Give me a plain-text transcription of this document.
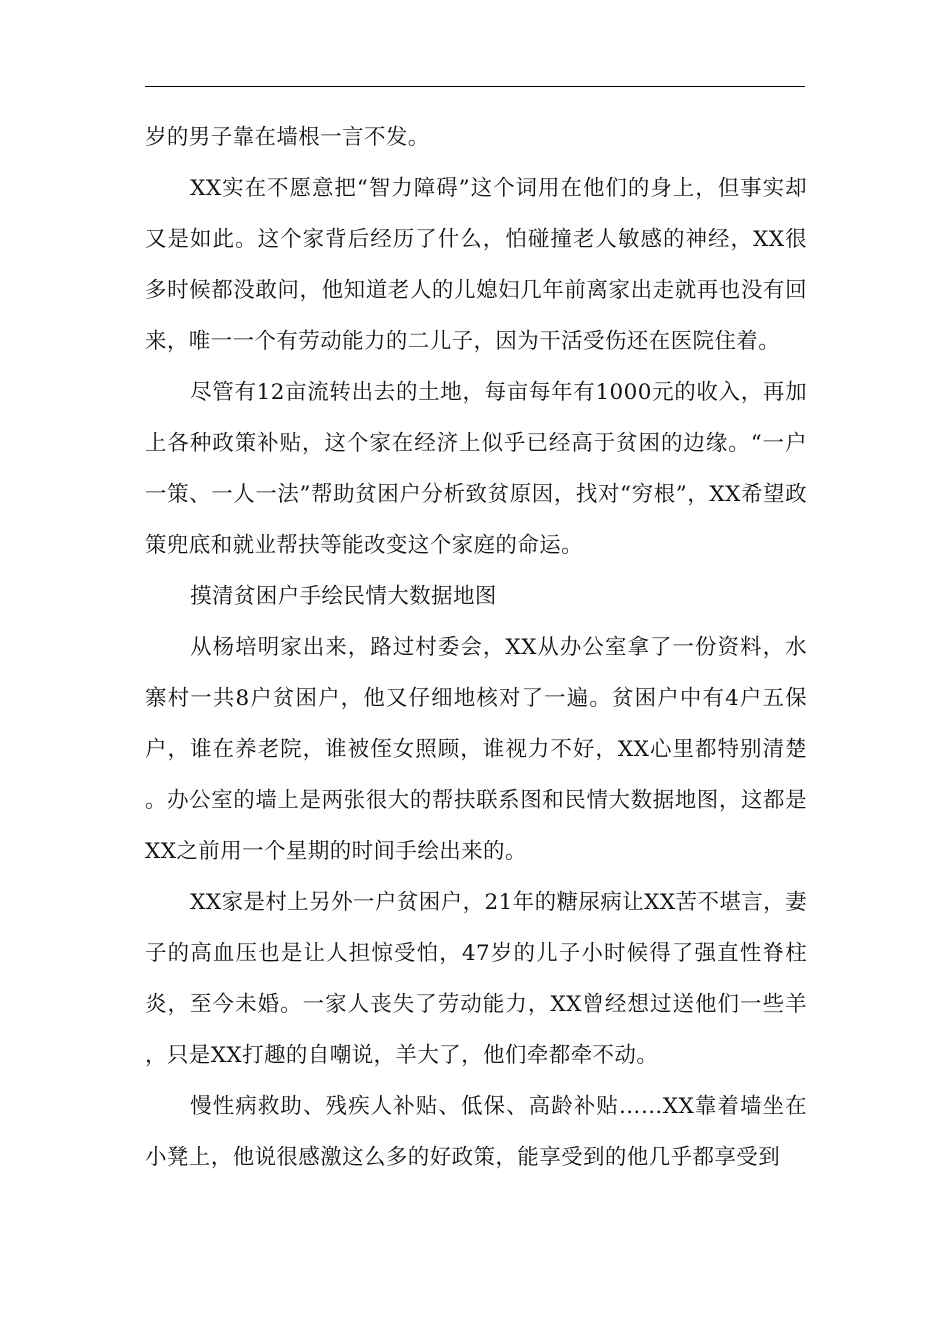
岁的男子靠在墙根一言不发。

XX实在不愿意把“智力障碍”这个词用在他们的身上，但事实却又是如此。这个家背后经历了什么，怕碰撞老人敏感的神经，XX很多时候都没敢问，他知道老人的儿媳妇几年前离家出走就再也没有回来，唯一一个有劳动能力的二儿子，因为干活受伤还在医院住着。

尽管有12亩流转出去的土地，每亩每年有1000元的收入，再加上各种政策补贴，这个家在经济上似乎已经高于贫困的边缘。“一户一策、一人一法”帮助贫困户分析致贫原因，找对“穷根”，XX希望政策兜底和就业帮扶等能改变这个家庭的命运。

摸清贫困户手绘民情大数据地图

从杨培明家出来，路过村委会，XX从办公室拿了一份资料，水寨村一共8户贫困户，他又仔细地核对了一遍。贫困户中有4户五保户，谁在养老院，谁被侄女照顾，谁视力不好，XX心里都特别清楚。办公室的墙上是两张很大的帮扶联系图和民情大数据地图，这都是XX之前用一个星期的时间手绘出来的。

XX家是村上另外一户贫困户，21年的糖尿病让XX苦不堪言，妻子的高血压也是让人担惊受怕，47岁的儿子小时候得了强直性脊柱炎，至今未婚。一家人丧失了劳动能力，XX曾经想过送他们一些羊，只是XX打趣的自嘲说，羊大了，他们牵都牵不动。

慢性病救助、残疾人补贴、低保、高龄补贴……XX靠着墙坐在小凳上，他说很感激这么多的好政策，能享受到的他几乎都享受到
